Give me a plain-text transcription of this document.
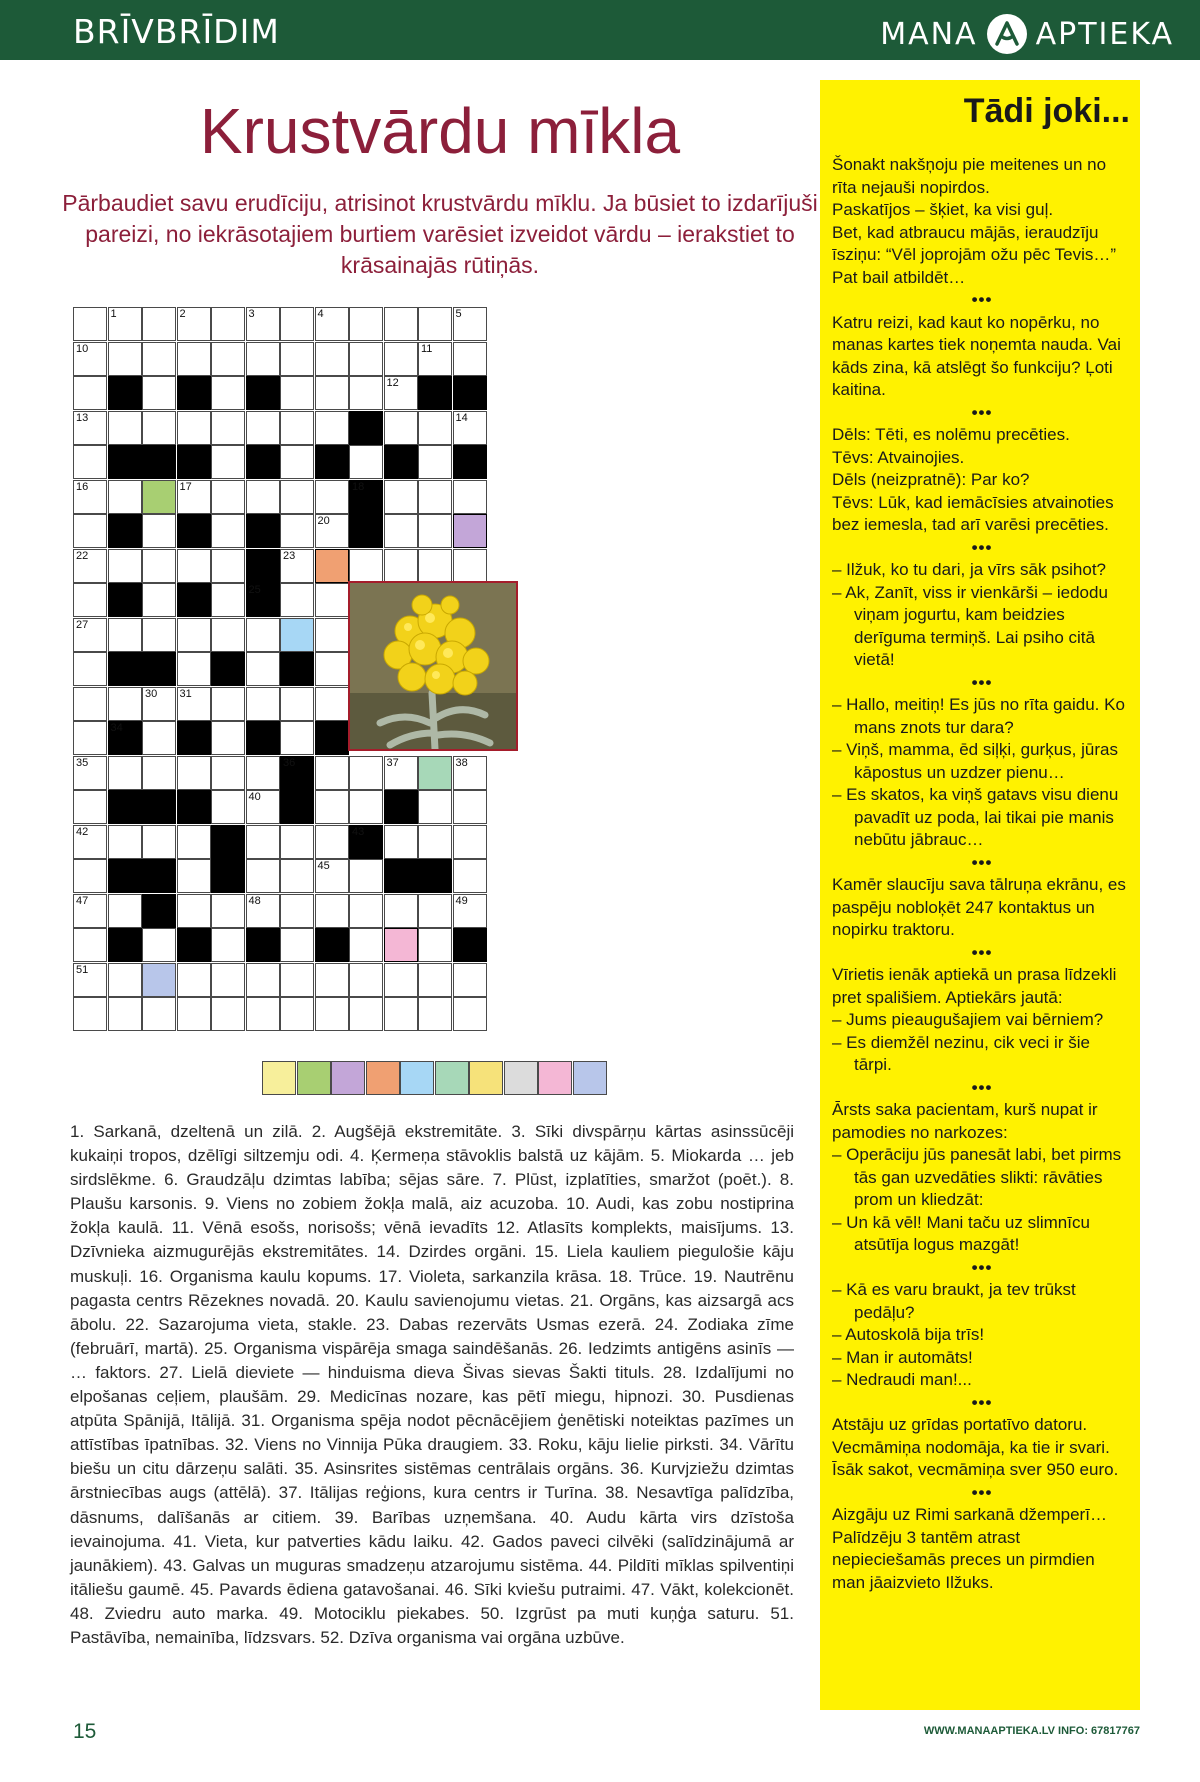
BRĪVBRĪDIM	MANA APTIEKA
Krustvārdu mīkla
Pārbaudiet savu erudīciju, atrisinot krustvārdu mīklu. Ja būsiet to izdarījuši pareizi, no iekrāsotajiem burtiem varēsiet izveidot vārdu – ierakstiet to krāsainajās rūtiņās.
1	2	3	4	5
10	11
12
13	14
16	17	18
20
22	23
25
27
30 31
34
35	36	37	38
40
42	43
45
47	48	49
51
1. Sarkanā, dzeltenā un zilā. 2. Augšējā ekstremitāte. 3. Sīki divspārņu kārtas asinssūcēji kukaiņi tropos, dzēlīgi siltzemju odi. 4. Ķermeņa stāvoklis balstā uz kājām. 5. Miokarda … jeb sirdslēkme. 6. Graudzāļu dzimtas labība; sējas sāre. 7. Plūst, izplatīties, smaržot (poēt.). 8. Plaušu karsonis. 9. Viens no zobiem žokļa malā, aiz acuzoba. 10. Audi, kas zobu nostiprina žokļa kaulā. 11. Vēnā esošs, norisošs; vēnā ievadīts 12. Atlasīts komplekts, maisījums. 13. Dzīvnieka aizmugurējās ekstremitātes. 14. Dzirdes orgāni. 15. Liela kauliem piegulošie kāju muskuļi. 16. Organisma kaulu kopums. 17. Violeta, sarkanzila krāsa. 18. Trūce. 19. Nautrēnu pagasta centrs Rēzeknes novadā. 20. Kaulu savienojumu vietas. 21. Orgāns, kas aizsargā acs ābolu. 22. Sazarojuma vieta, stakle. 23. Dabas rezervāts Usmas ezerā. 24. Zodiaka zīme (februārī, martā). 25. Organisma vispārēja smaga saindēšanās. 26. Iedzimts antigēns asinīs — … faktors. 27. Lielā dieviete — hinduisma dieva Šivas sievas Šakti tituls. 28. Izdalījumi no elpošanas ceļiem, plaušām. 29. Medicīnas nozare, kas pētī miegu, hipnozi. 30. Pusdienas atpūta Spānijā, Itālijā. 31. Organisma spēja nodot pēcnācējiem ģenētiski noteiktas pazīmes un attīstības īpatnības. 32. Viens no Vinnija Pūka draugiem. 33. Roku, kāju lielie pirksti. 34. Vārītu biešu un citu dārzeņu salāti. 35. Asinsrites sistēmas centrālais orgāns. 36. Kurvjziežu dzimtas ārstniecības augs (attēlā). 37. Itālijas reģions, kura centrs ir Turīna. 38. Nesavtīga palīdzība, dāsnums, dalīšanās ar citiem. 39. Barības uzņemšana. 40. Audu kārta virs dzīstoša ievainojuma. 41. Vieta, kur patverties kādu laiku. 42. Gados paveci cilvēki (salīdzinājumā ar jaunākiem). 43. Galvas un muguras smadzeņu atzarojumu sistēma. 44. Pildīti mīklas spilventiņi itāliešu gaumē. 45. Pavards ēdiena gatavošanai. 46. Sīki kviešu putraimi. 47. Vākt, kolekcionēt. 48. Zviedru auto marka. 49. Motociklu piekabes. 50. Izgrūst pa muti kuņģa saturu. 51. Pastāvība, nemainība, līdzsvars. 52. Dzīva organisma vai orgāna uzbūve.
Tādi joki...

Šonakt nakšņoju pie meitenes un no rīta nejauši nopirdos.

Paskatījos – šķiet, ka visi guļ.

Bet, kad atbraucu mājās, ieraudzīju īsziņu: “Vēl joprojām ožu pēc Tevis…” Pat bail atbildēt…

•••

Katru reizi, kad kaut ko nopērku, no manas kartes tiek noņemta nauda. Vai kāds zina, kā atslēgt šo funkciju? Ļoti kaitina.

•••

Dēls: Tēti, es nolēmu precēties.

Tēvs: Atvainojies.

Dēls (neizpratnē): Par ko?

Tēvs: Lūk, kad iemācīsies atvainoties bez iemesla, tad arī varēsi precēties.

•••

– Ilžuk, ko tu dari, ja vīrs sāk psihot?

– Ak, Zanīt, viss ir vienkārši – iedodu viņam jogurtu, kam beidzies derīguma termiņš. Lai psiho citā vietā!

•••

– Hallo, meitiņ! Es jūs no rīta gaidu. Ko mans znots tur dara?

– Viņš, mamma, ēd siļķi, gurķus, jūras kāpostus un uzdzer pienu…

– Es skatos, ka viņš gatavs visu dienu pavadīt uz poda, lai tikai pie manis nebūtu jābrauc…

•••

Kamēr slaucīju sava tālruņa ekrānu, es paspēju nobloķēt 247 kontaktus un nopirku traktoru.

•••

Vīrietis ienāk aptiekā un prasa līdzekli pret spališiem. Aptiekārs jautā:

– Jums pieaugušajiem vai bērniem?

– Es diemžēl nezinu, cik veci ir šie tārpi.

•••

Ārsts saka pacientam, kurš nupat ir pamodies no narkozes:

– Operāciju jūs panesāt labi, bet pirms tās gan uzvedāties slikti: rāvāties prom un kliedzāt:

– Un kā vēl! Mani taču uz slimnīcu atsūtīja logus mazgāt!

•••

– Kā es varu braukt, ja tev trūkst pedāļu?

– Autoskolā bija trīs!

– Man ir automāts!

– Nedraudi man!...

•••

Atstāju uz grīdas portatīvo datoru. Vecmāmiņa nodomāja, ka tie ir svari. Īsāk sakot, vecmāmiņa sver 950 euro.

•••

Aizgāju uz Rimi sarkanā džemperī… Palīdzēju 3 tantēm atrast nepieciešamās preces un pirmdien man jāaizvieto Ilžuks.

15	WWW.MANAAPTIEKA.LV INFO: 67817767
